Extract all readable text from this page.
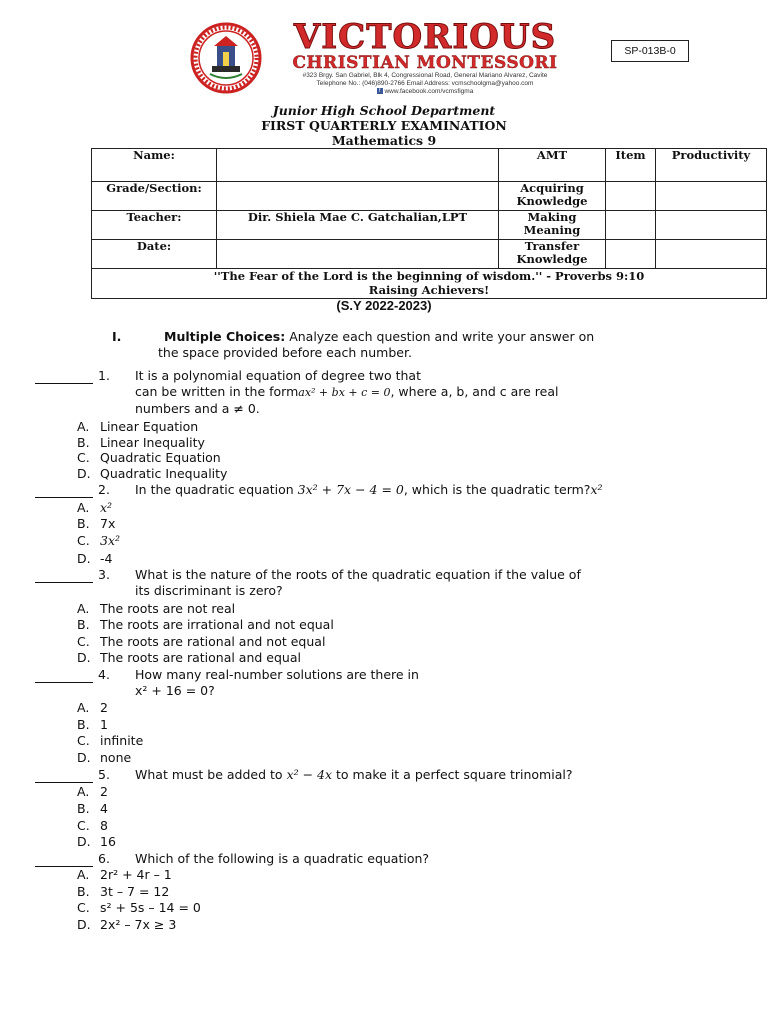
VICTORIOUS
CHRISTIAN MONTESSORI
#323 Brgy. San Gabriel, Blk 4, Congressional Road, General Mariano Alvarez, Cavite
Telephone No.: (046)890-2766 Email Address: vcmschoolgma@yahoo.com
f www.facebook.com/vcmsfigma
SP-013B-0
Junior High School Department
FIRST QUARTERLY EXAMINATION
Mathematics 9
Name:		AMT	Item	Productivity
Grade/Section:		Acquiring Knowledge		
Teacher:	Dir. Shiela Mae C. Gatchalian,LPT	Making Meaning		
Date:		Transfer Knowledge		

''The Fear of the Lord is the beginning of wisdom.'' - Proverbs 9:10
Raising Achievers!				
(S.Y 2022-2023)
I.	Multiple Choices: Analyze each question and write your answer on
the space provided before each number.
1. It is a polynomial equation of degree two that
can be written in the formax² + bx + c = 0, where a, b, and c are real
numbers and a ≠ 0.
A. Linear Equation
B. Linear Inequality
C. Quadratic Equation
D. Quadratic Inequality
2. In the quadratic equation 3x² + 7x − 4 = 0, which is the quadratic term?x²
A. x²
B. 7x
C. 3x²
D. -4
3. What is the nature of the roots of the quadratic equation if the value of
its discriminant is zero?
A. The roots are not real
B. The roots are irrational and not equal
C. The roots are rational and not equal
D. The roots are rational and equal
4. How many real-number solutions are there in
x² + 16 = 0?
A. 2
B. 1
C. infinite
D. none
5. What must be added to x² − 4x to make it a perfect square trinomial?
A. 2
B. 4
C. 8
D. 16
6. Which of the following is a quadratic equation?
A. 2r² + 4r – 1
B. 3t – 7 = 12
C. s² + 5s – 14 = 0
D. 2x² – 7x ≥ 3
